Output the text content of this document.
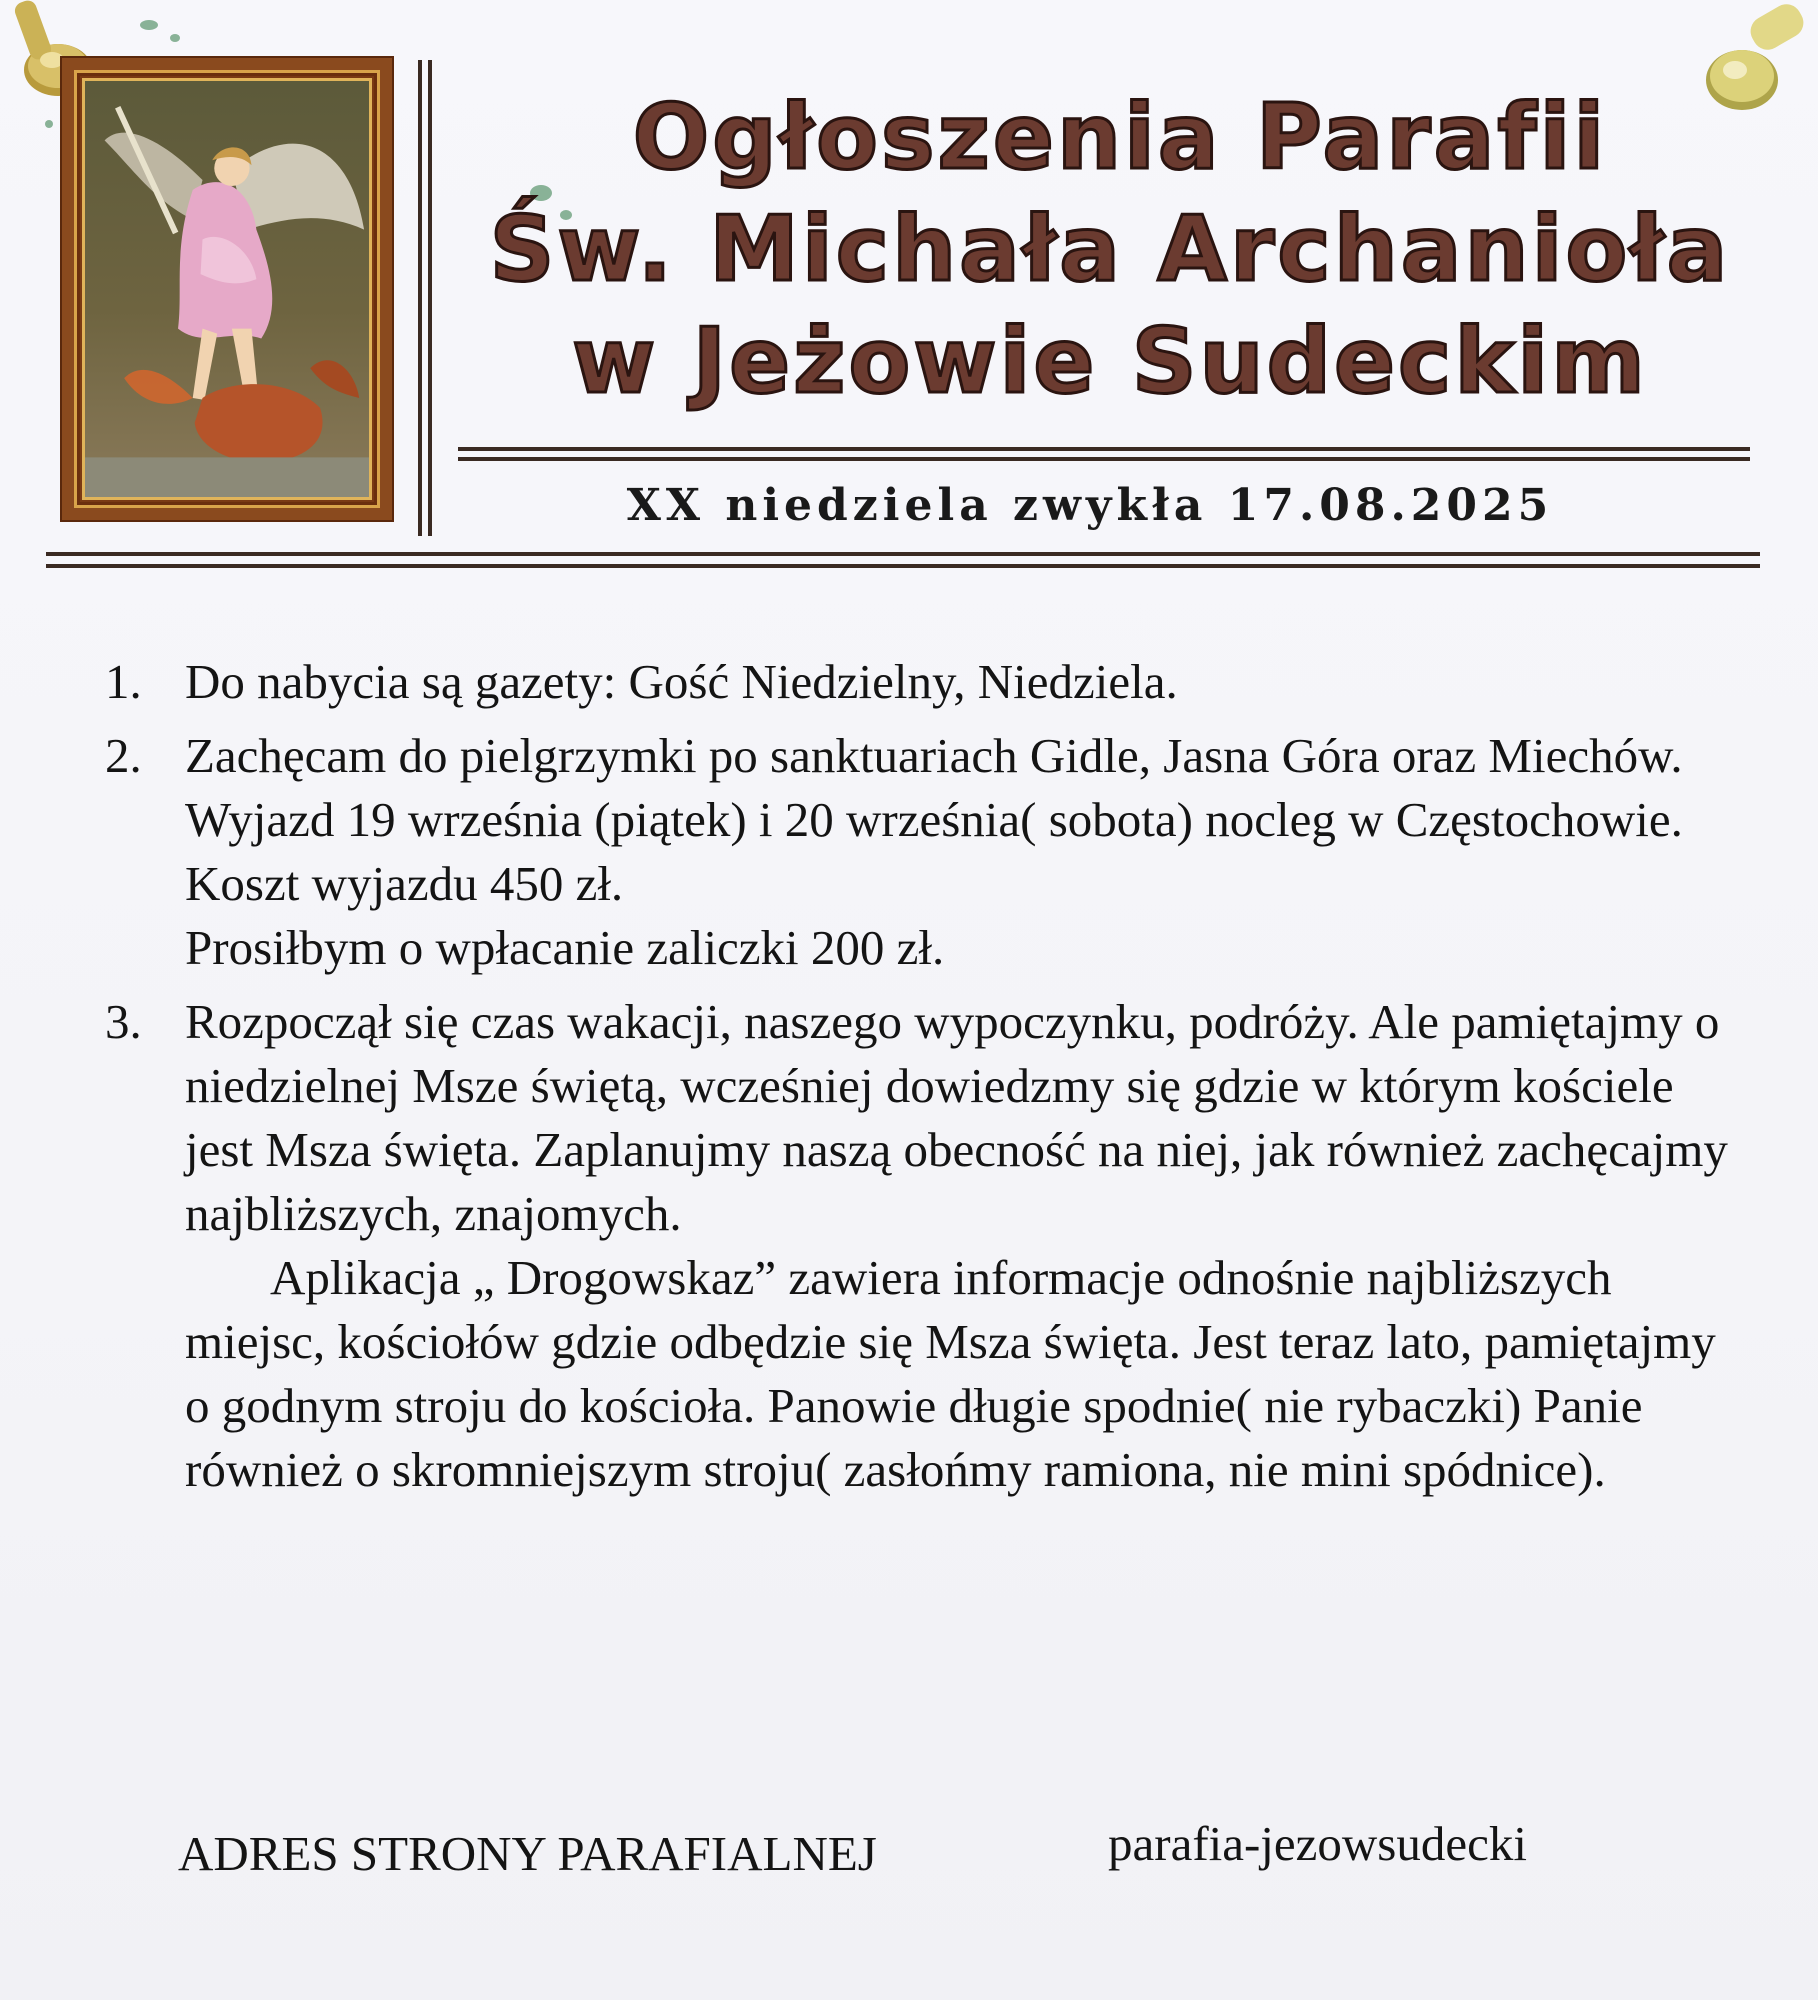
Ogłoszenia Parafii
Św. Michała Archanioła
w Jeżowie Sudeckim
XX niedziela zwykła 17.08.2025
1. Do nabycia są gazety: Gość Niedzielny, Niedziela.

2. Zachęcam do pielgrzymki po sanktuariach Gidle, Jasna Góra oraz Miechów. Wyjazd 19 września (piątek) i 20 września( sobota) nocleg w Częstochowie. Koszt wyjazdu 450 zł.

Prosiłbym o wpłacanie zaliczki 200 zł.

3. Rozpoczął się czas wakacji, naszego wypoczynku, podróży. Ale pamiętajmy o niedzielnej Msze świętą, wcześniej dowiedzmy się gdzie w którym kościele jest Msza święta. Zaplanujmy naszą obecność na niej, jak również zachęcajmy najbliższych, znajomych.

Aplikacja „ Drogowskaz” zawiera informacje odnośnie najbliższych miejsc, kościołów gdzie odbędzie się Msza święta. Jest teraz lato, pamiętajmy o godnym stroju do kościoła. Panowie długie spodnie( nie rybaczki) Panie również o skromniejszym stroju( zasłońmy ramiona, nie mini spódnice).

ADRES STRONY PARAFIALNEJ	parafia-jezowsudecki
